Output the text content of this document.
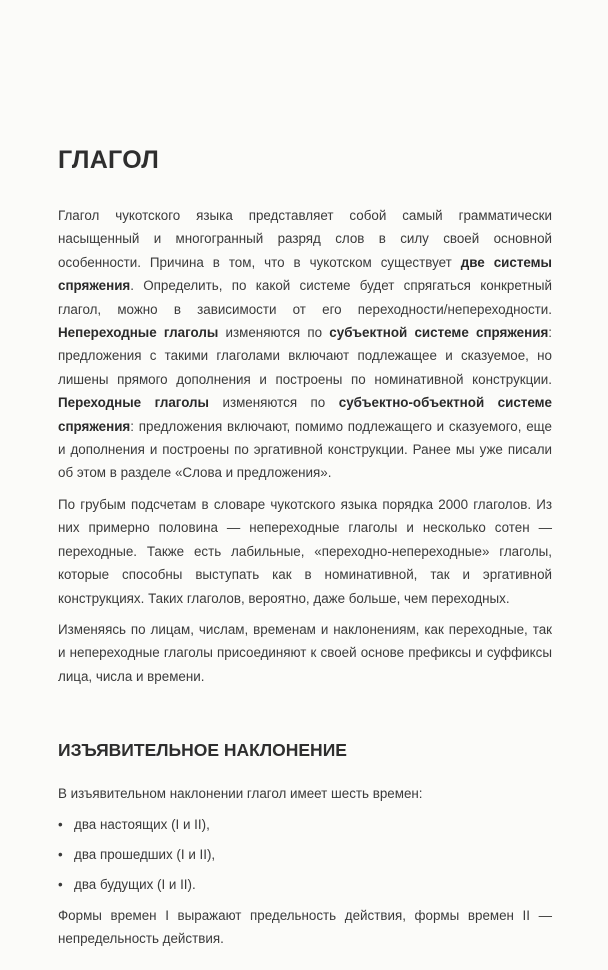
ГЛАГОЛ

Глагол чукотского языка представляет собой самый грамматически насыщенный и многогранный разряд слов в силу своей основной особенности. Причина в том, что в чукотском существует две системы спряжения. Определить, по какой системе будет спрягаться конкретный глагол, можно в зависимости от его переходности/непереходности. Непереходные глаголы изменяются по субъектной системе спряжения: предложения с такими глаголами включают подлежащее и сказуемое, но лишены прямого дополнения и построены по номинативной конструкции. Переходные глаголы изменяются по субъектно-объектной системе спряжения: предложения включают, помимо подлежащего и сказуемого, еще и дополнения и построены по эргативной конструкции. Ранее мы уже писали об этом в разделе «Слова и предложения».

По грубым подсчетам в словаре чукотского языка порядка 2000 глаголов. Из них примерно половина — непереходные глаголы и несколько сотен — переходные. Также есть лабильные, «переходно-непереходные» глаголы, которые способны выступать как в номинативной, так и эргативной конструкциях. Таких глаголов, вероятно, даже больше, чем переходных.

Изменяясь по лицам, числам, временам и наклонениям, как переходные, так и непереходные глаголы присоединяют к своей основе префиксы и суффиксы лица, числа и времени.

ИЗЪЯВИТЕЛЬНОЕ НАКЛОНЕНИЕ

В изъявительном наклонении глагол имеет шесть времен:

• два настоящих (I и II),
• два прошедших (I и II),
• два будущих (I и II).

Формы времен I выражают предельность действия, формы времен II — непредельность действия.
